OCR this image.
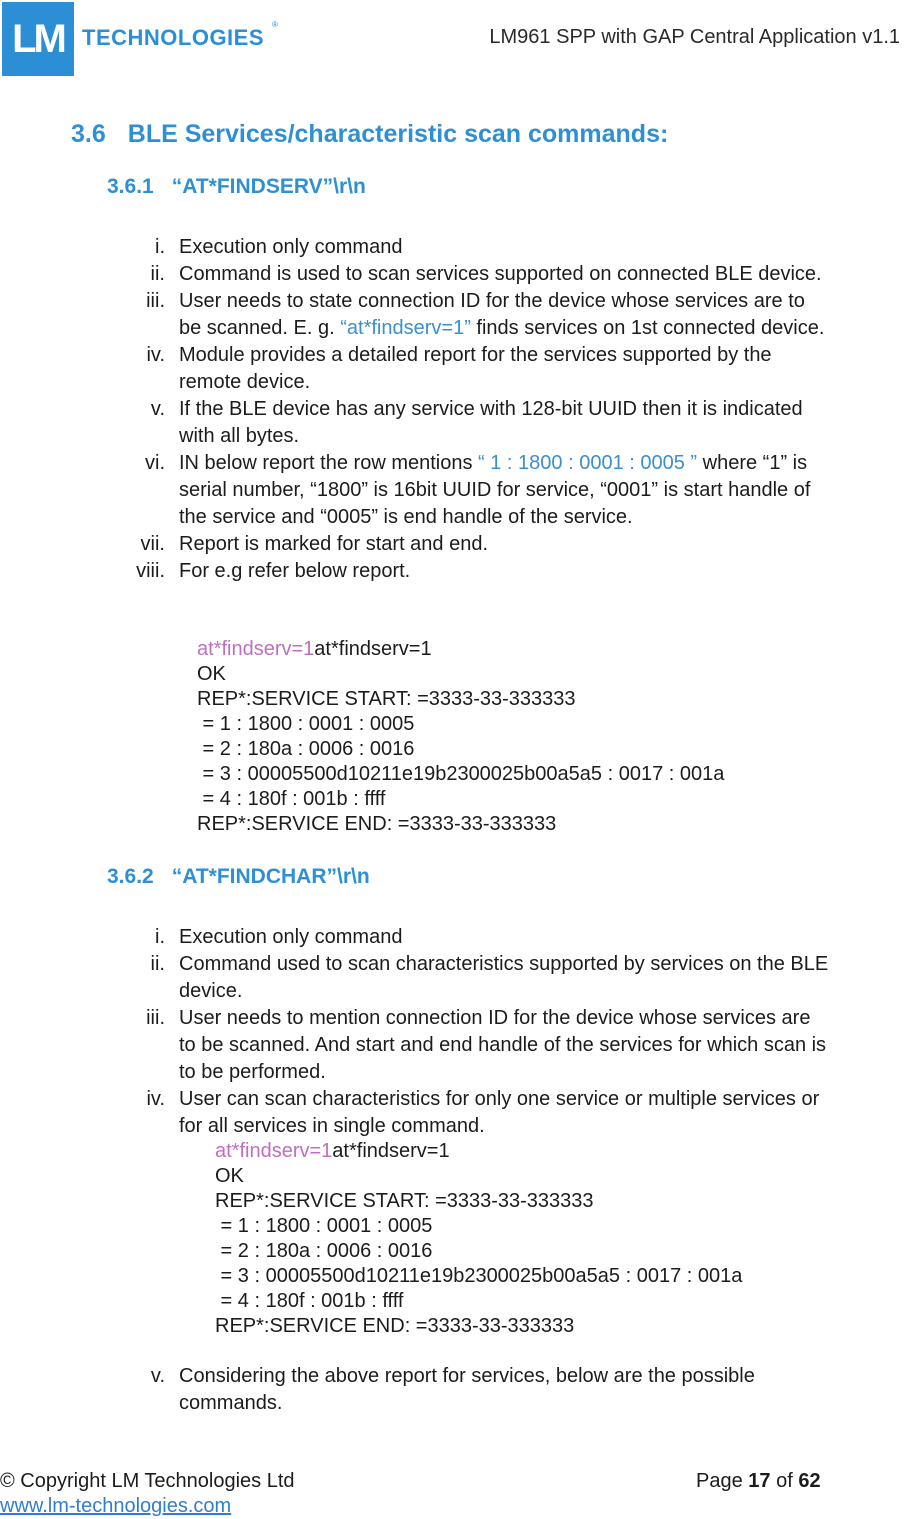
LM TECHNOLOGIES
®
LM961 SPP with GAP Central Application v1.1
3.6 BLE Services/characteristic scan commands:
3.6.1 “AT*FINDSERV”\r\n
i. Execution only command
ii. Command is used to scan services supported on connected BLE device.
iii. User needs to state connection ID for the device whose services are to be scanned. E. g. “at*findserv=1” finds services on 1st connected device.
iv. Module provides a detailed report for the services supported by the remote device.
v. If the BLE device has any service with 128-bit UUID then it is indicated with all bytes.
vi. IN below report the row mentions “ 1 : 1800 : 0001 : 0005 ” where “1” is serial number, “1800” is 16bit UUID for service, “0001” is start handle of the service and “0005” is end handle of the service.
vii. Report is marked for start and end.
viii. For e.g refer below report.
at*findserv=1at*findserv=1
OK
REP*:SERVICE START: =3333-33-333333
= 1 : 1800 : 0001 : 0005
= 2 : 180a : 0006 : 0016
= 3 : 00005500d10211e19b2300025b00a5a5 : 0017 : 001a
= 4 : 180f : 001b : ffff
REP*:SERVICE END: =3333-33-333333
3.6.2 “AT*FINDCHAR”\r\n
i. Execution only command
ii. Command used to scan characteristics supported by services on the BLE device.
iii. User needs to mention connection ID for the device whose services are to be scanned. And start and end handle of the services for which scan is to be performed.
iv. User can scan characteristics for only one service or multiple services or for all services in single command.
at*findserv=1at*findserv=1
OK
REP*:SERVICE START: =3333-33-333333
= 1 : 1800 : 0001 : 0005
= 2 : 180a : 0006 : 0016
= 3 : 00005500d10211e19b2300025b00a5a5 : 0017 : 001a
= 4 : 180f : 001b : ffff
REP*:SERVICE END: =3333-33-333333
v. Considering the above report for services, below are the possible commands.
© Copyright LM Technologies Ltd
www.lm-technologies.com
Page 17 of 62
